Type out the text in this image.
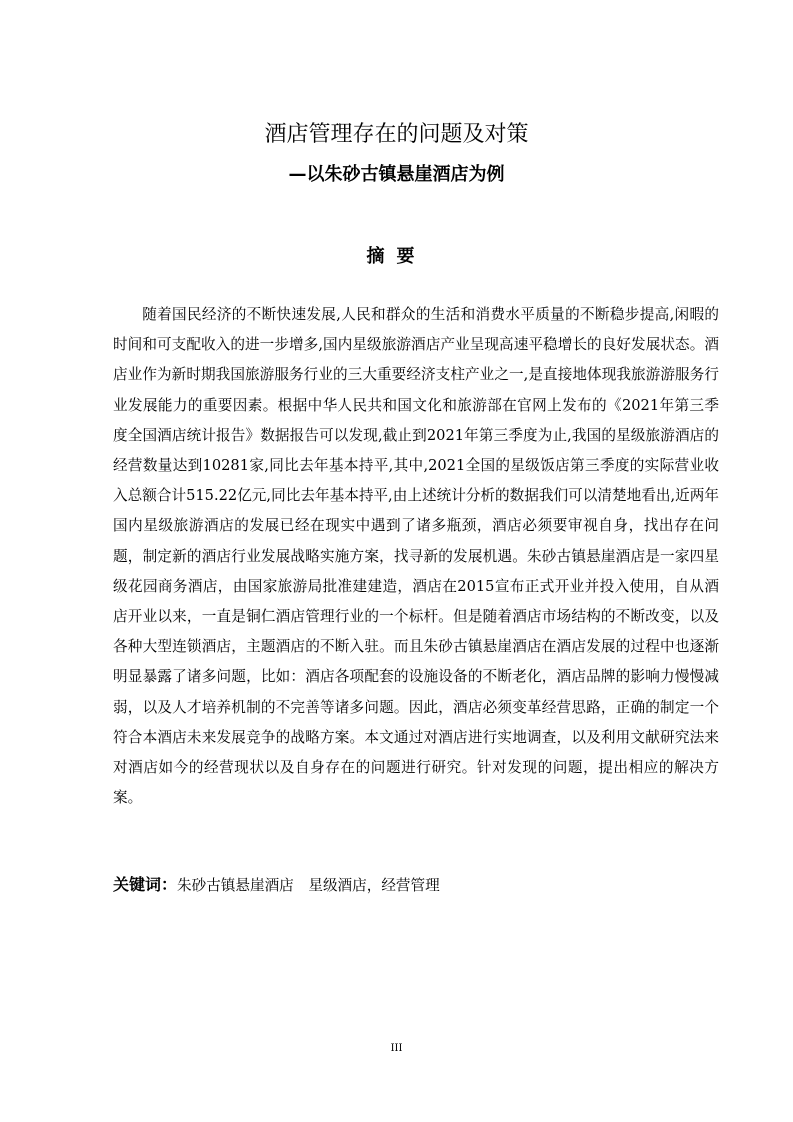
酒店管理存在的问题及对策
—以朱砂古镇悬崖酒店为例
摘要

随着国民经济的不断快速发展,人民和群众的生活和消费水平质量的不断稳步提高,闲暇的时间和可支配收入的进一步增多,国内星级旅游酒店产业呈现高速平稳增长的良好发展状态。酒店业作为新时期我国旅游服务行业的三大重要经济支柱产业之一,是直接地体现我旅游游服务行业发展能力的重要因素。根据中华人民共和国文化和旅游部在官网上发布的《2021年第三季度全国酒店统计报告》数据报告可以发现,截止到2021年第三季度为止,我国的星级旅游酒店的经营数量达到10281家,同比去年基本持平,其中,2021全国的星级饭店第三季度的实际营业收入总额合计515.22亿元,同比去年基本持平,由上述统计分析的数据我们可以清楚地看出,近两年国内星级旅游酒店的发展已经在现实中遇到了诸多瓶颈，酒店必须要审视自身，找出存在问题，制定新的酒店行业发展战略实施方案，找寻新的发展机遇。朱砂古镇悬崖酒店是一家四星级花园商务酒店，由国家旅游局批准建建造，酒店在2015宣布正式开业并投入使用，自从酒店开业以来，一直是铜仁酒店管理行业的一个标杆。但是随着酒店市场结构的不断改变，以及各种大型连锁酒店，主题酒店的不断入驻。而且朱砂古镇悬崖酒店在酒店发展的过程中也逐渐明显暴露了诸多问题，比如：酒店各项配套的设施设备的不断老化，酒店品牌的影响力慢慢减弱，以及人才培养机制的不完善等诸多问题。因此，酒店必须变革经营思路，正确的制定一个符合本酒店未来发展竞争的战略方案。本文通过对酒店进行实地调查，以及利用文献研究法来对酒店如今的经营现状以及自身存在的问题进行研究。针对发现的问题，提出相应的解决方案。

关键词：朱砂古镇悬崖酒店　星级酒店，经营管理

III
